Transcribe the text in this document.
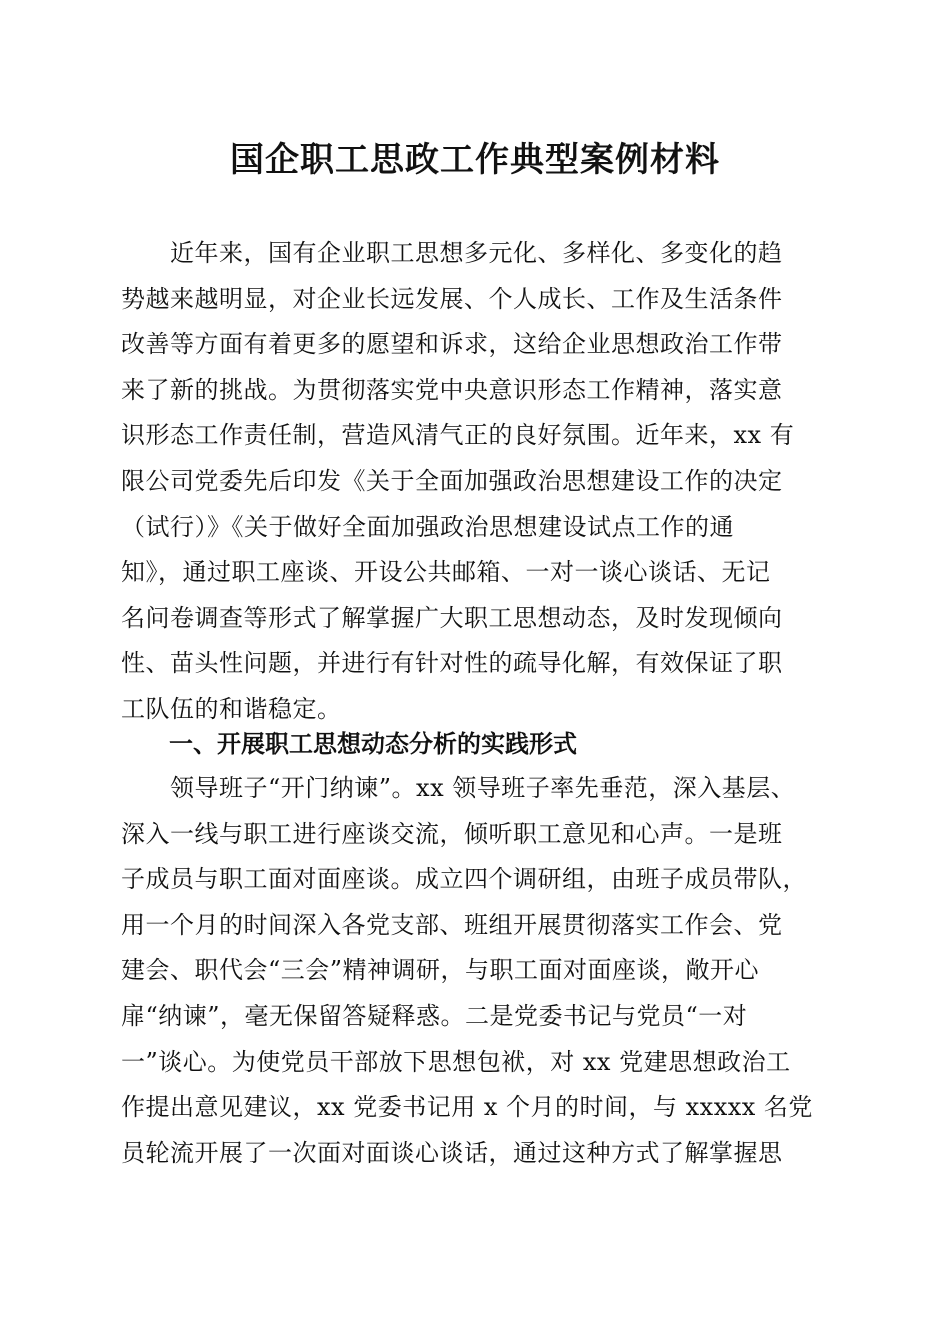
国企职工思政工作典型案例材料
　　近年来，国有企业职工思想多元化、多样化、多变化的趋
势越来越明显，对企业长远发展、个人成长、工作及生活条件
改善等方面有着更多的愿望和诉求，这给企业思想政治工作带
来了新的挑战。为贯彻落实党中央意识形态工作精神，落实意
识形态工作责任制，营造风清气正的良好氛围。近年来，xx 有
限公司党委先后印发《关于全面加强政治思想建设工作的决定
（试行）》《关于做好全面加强政治思想建设试点工作的通
知》，通过职工座谈、开设公共邮箱、一对一谈心谈话、无记
名问卷调查等形式了解掌握广大职工思想动态，及时发现倾向
性、苗头性问题，并进行有针对性的疏导化解，有效保证了职
工队伍的和谐稳定。
一、开展职工思想动态分析的实践形式
　　领导班子“开门纳谏”。xx 领导班子率先垂范，深入基层、
深入一线与职工进行座谈交流，倾听职工意见和心声。一是班
子成员与职工面对面座谈。成立四个调研组，由班子成员带队，
用一个月的时间深入各党支部、班组开展贯彻落实工作会、党
建会、职代会“三会”精神调研，与职工面对面座谈，敞开心
扉“纳谏”，毫无保留答疑释惑。二是党委书记与党员“一对
一”谈心。为使党员干部放下思想包袱，对 xx 党建思想政治工
作提出意见建议，xx 党委书记用 x 个月的时间，与 xxxxx 名党
员轮流开展了一次面对面谈心谈话，通过这种方式了解掌握思
